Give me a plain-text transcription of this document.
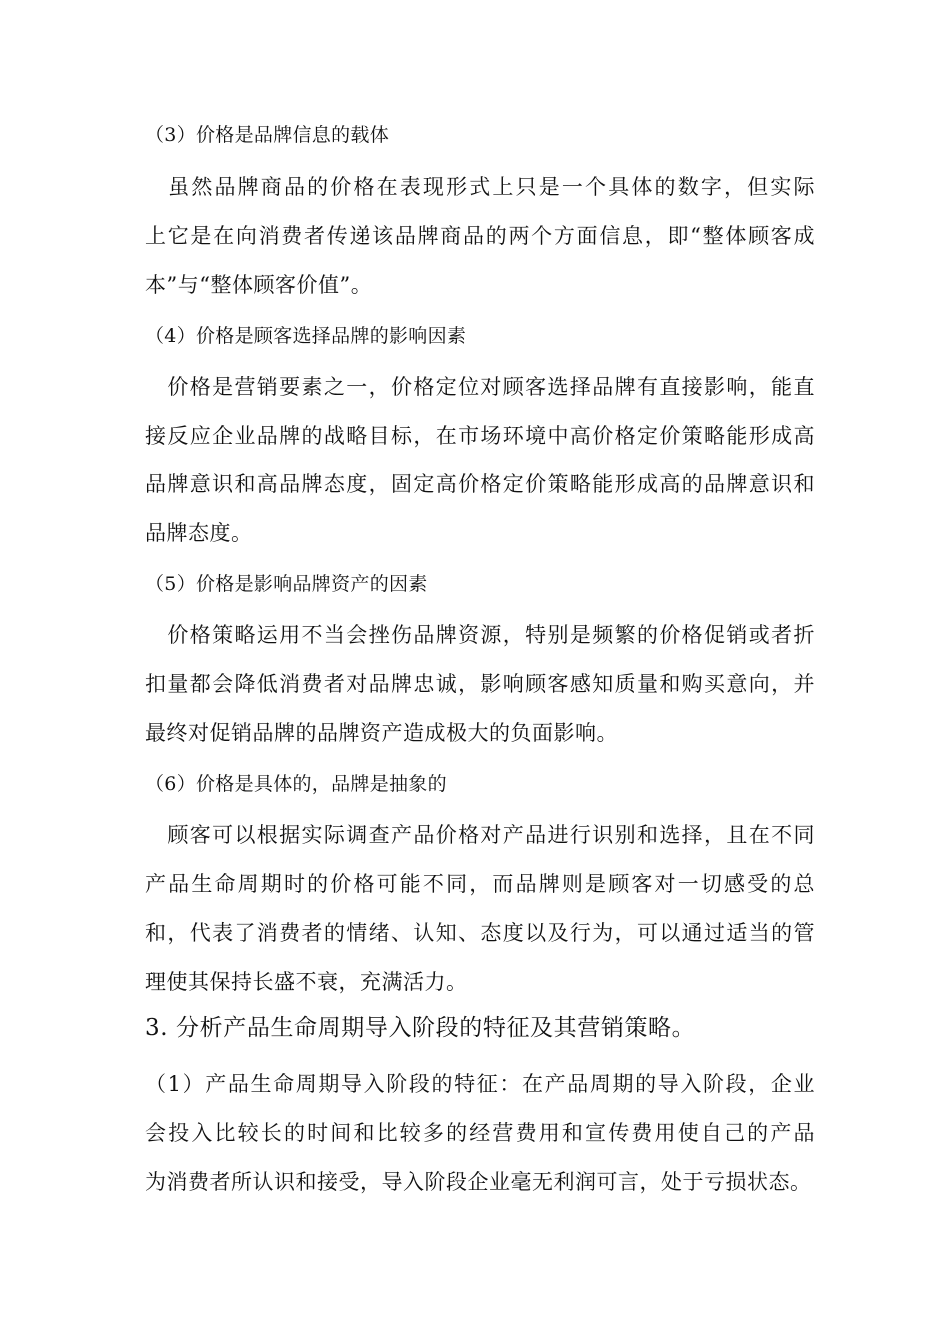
（3）价格是品牌信息的载体
　虽然品牌商品的价格在表现形式上只是一个具体的数字，但实际
上它是在向消费者传递该品牌商品的两个方面信息，即“整体顾客成
本”与“整体顾客价值”。
（4）价格是顾客选择品牌的影响因素
　价格是营销要素之一，价格定位对顾客选择品牌有直接影响，能直
接反应企业品牌的战略目标，在市场环境中高价格定价策略能形成高
品牌意识和高品牌态度，固定高价格定价策略能形成高的品牌意识和
品牌态度。
（5）价格是影响品牌资产的因素
　价格策略运用不当会挫伤品牌资源，特别是频繁的价格促销或者折
扣量都会降低消费者对品牌忠诚，影响顾客感知质量和购买意向，并
最终对促销品牌的品牌资产造成极大的负面影响。
（6）价格是具体的，品牌是抽象的
　顾客可以根据实际调查产品价格对产品进行识别和选择，且在不同
产品生命周期时的价格可能不同，而品牌则是顾客对一切感受的总
和，代表了消费者的情绪、认知、态度以及行为，可以通过适当的管
理使其保持长盛不衰，充满活力。
3. 分析产品生命周期导入阶段的特征及其营销策略。
（1）产品生命周期导入阶段的特征：在产品周期的导入阶段，企业
会投入比较长的时间和比较多的经营费用和宣传费用使自己的产品
为消费者所认识和接受，导入阶段企业毫无利润可言，处于亏损状态。
